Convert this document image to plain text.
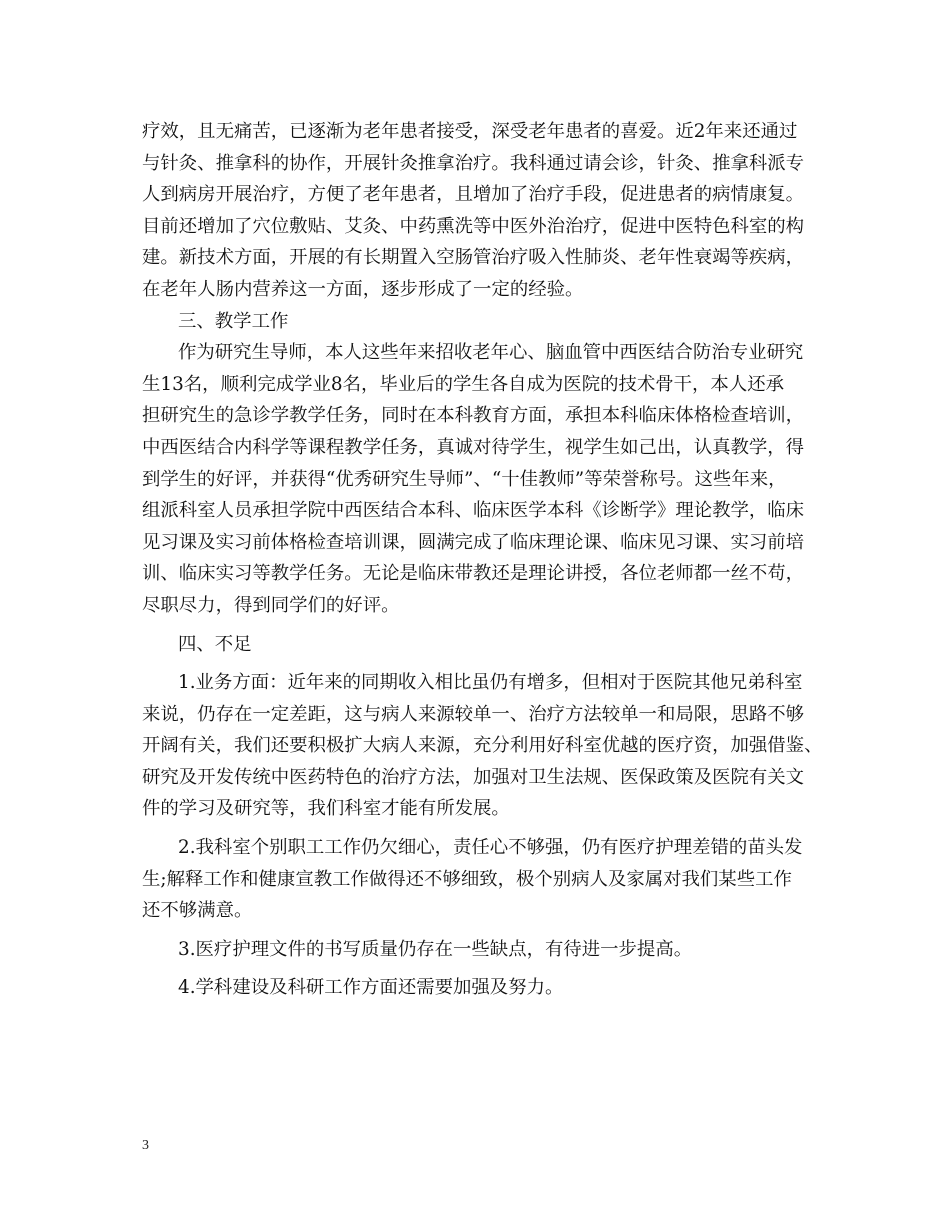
疗效，且无痛苦，已逐渐为老年患者接受，深受老年患者的喜爱。近2年来还通过
与针灸、推拿科的协作，开展针灸推拿治疗。我科通过请会诊，针灸、推拿科派专
人到病房开展治疗，方便了老年患者，且增加了治疗手段，促进患者的病情康复。
目前还增加了穴位敷贴、艾灸、中药熏洗等中医外治治疗，促进中医特色科室的构
建。新技术方面，开展的有长期置入空肠管治疗吸入性肺炎、老年性衰竭等疾病，
在老年人肠内营养这一方面，逐步形成了一定的经验。
三、教学工作
作为研究生导师，本人这些年来招收老年心、脑血管中西医结合防治专业研究
生13名，顺利完成学业8名，毕业后的学生各自成为医院的技术骨干，本人还承
担研究生的急诊学教学任务，同时在本科教育方面，承担本科临床体格检查培训，
中西医结合内科学等课程教学任务，真诚对待学生，视学生如己出，认真教学，得
到学生的好评，并获得“优秀研究生导师”、“十佳教师”等荣誉称号。这些年来，
组派科室人员承担学院中西医结合本科、临床医学本科《诊断学》理论教学，临床
见习课及实习前体格检查培训课，圆满完成了临床理论课、临床见习课、实习前培
训、临床实习等教学任务。无论是临床带教还是理论讲授，各位老师都一丝不苟，
尽职尽力，得到同学们的好评。
四、不足
1.业务方面：近年来的同期收入相比虽仍有增多，但相对于医院其他兄弟科室
来说，仍存在一定差距，这与病人来源较单一、治疗方法较单一和局限，思路不够
开阔有关，我们还要积极扩大病人来源，充分利用好科室优越的医疗资，加强借鉴、
研究及开发传统中医药特色的治疗方法，加强对卫生法规、医保政策及医院有关文
件的学习及研究等，我们科室才能有所发展。
2.我科室个别职工工作仍欠细心，责任心不够强，仍有医疗护理差错的苗头发
生;解释工作和健康宣教工作做得还不够细致，极个别病人及家属对我们某些工作
还不够满意。
3.医疗护理文件的书写质量仍存在一些缺点，有待进一步提高。
4.学科建设及科研工作方面还需要加强及努力。
3
